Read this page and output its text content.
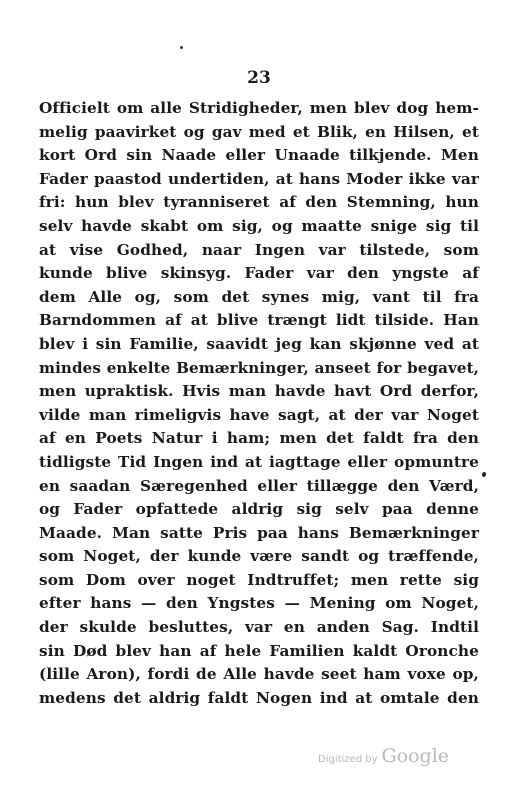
23
Officielt om alle Stridigheder, men blev dog hem-
melig paavirket og gav med et Blik, en Hilsen, et
kort Ord sin Naade eller Unaade tilkjende. Men
Fader paastod undertiden, at hans Moder ikke var
fri: hun blev tyranniseret af den Stemning, hun
selv havde skabt om sig, og maatte snige sig til
at vise Godhed, naar Ingen var tilstede, som
kunde blive skinsyg. Fader var den yngste af
dem Alle og, som det synes mig, vant til fra
Barndommen af at blive trængt lidt tilside. Han
blev i sin Familie, saavidt jeg kan skjønne ved at
mindes enkelte Bemærkninger, anseet for begavet,
men upraktisk. Hvis man havde havt Ord derfor,
vilde man rimeligvis have sagt, at der var Noget
af en Poets Natur i ham; men det faldt fra den
tidligste Tid Ingen ind at iagttage eller opmuntre
en saadan Særegenhed eller tillægge den Værd,
og Fader opfattede aldrig sig selv paa denne
Maade. Man satte Pris paa hans Bemærkninger
som Noget, der kunde være sandt og træffende,
som Dom over noget Indtruffet; men rette sig
efter hans — den Yngstes — Mening om Noget,
der skulde besluttes, var en anden Sag. Indtil
sin Død blev han af hele Familien kaldt Oronche
(lille Aron), fordi de Alle havde seet ham voxe op,
medens det aldrig faldt Nogen ind at omtale den
Digitized by Google
